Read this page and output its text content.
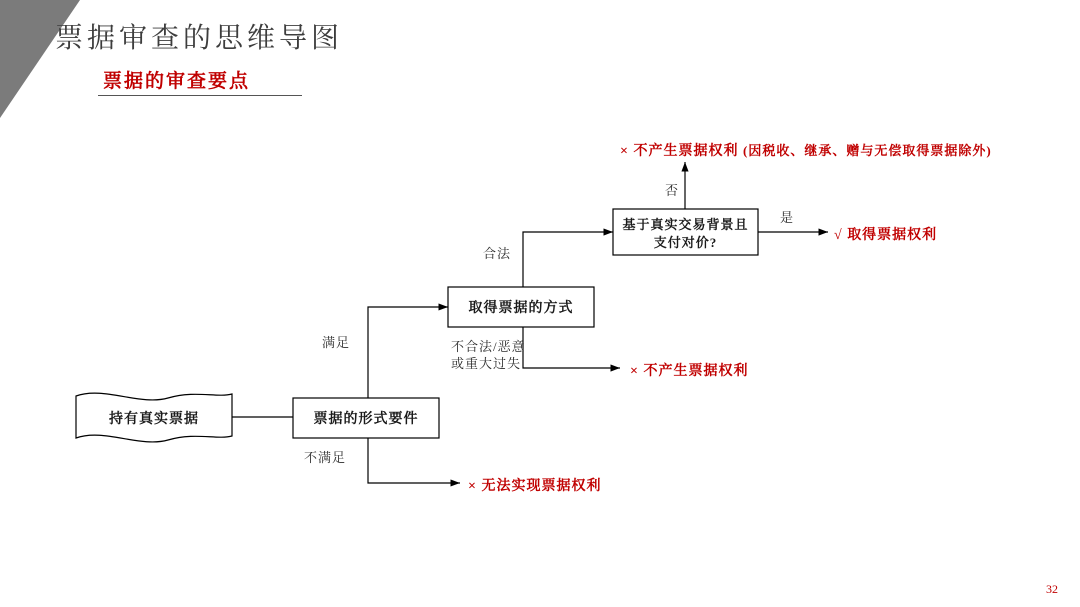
票据审查的思维导图
票据的审查要点
持有真实票据	票据的形式要件
取得票据的方式
基于真实交易背景且
支付对价?
满足
不满足
合法
不合法/恶意
或重大过失
否
是
× 不产生票据权利 (因税收、继承、赠与无偿取得票据除外)
√ 取得票据权利
× 不产生票据权利
× 无法实现票据权利
32
